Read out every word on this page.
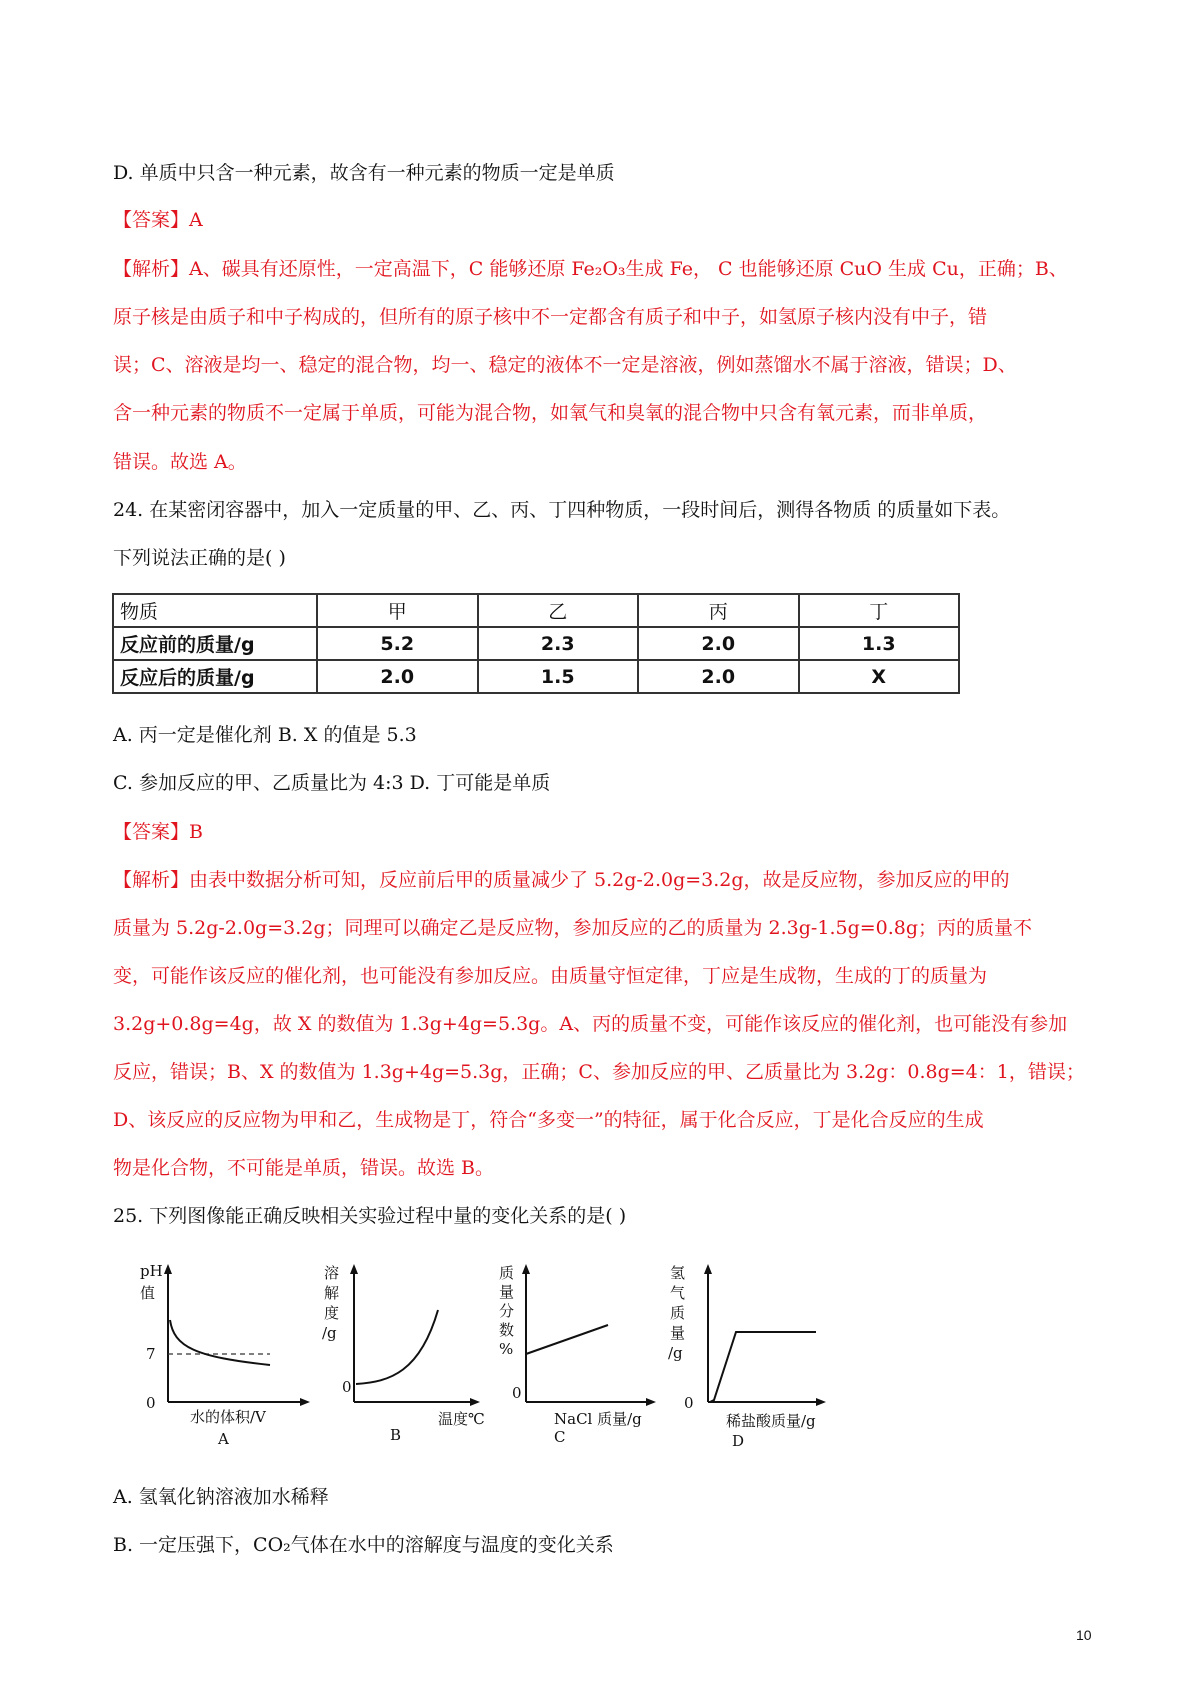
D. 单质中只含一种元素，故含有一种元素的物质一定是单质
【答案】A
【解析】A、碳具有还原性，一定高温下，C 能够还原 Fe₂O₃生成 Fe， C 也能够还原 CuO 生成 Cu，正确；B、
原子核是由质子和中子构成的，但所有的原子核中不一定都含有质子和中子，如氢原子核内没有中子，错
误；C、溶液是均一、稳定的混合物，均一、稳定的液体不一定是溶液，例如蒸馏水不属于溶液，错误；D、
含一种元素的物质不一定属于单质，可能为混合物，如氧气和臭氧的混合物中只含有氧元素，而非单质，
错误。故选 A。
24. 在某密闭容器中，加入一定质量的甲、乙、丙、丁四种物质，一段时间后，测得各物质 的质量如下表。
下列说法正确的是( )
物质	甲	乙	丙	丁
反应前的质量/g	5.2	2.3	2.0	1.3
反应后的质量/g	2.0	1.5	2.0	X
A. 丙一定是催化剂 B. X 的值是 5.3
C. 参加反应的甲、乙质量比为 4:3 D. 丁可能是单质
【答案】B
【解析】由表中数据分析可知，反应前后甲的质量减少了 5.2g-2.0g=3.2g，故是反应物，参加反应的甲的
质量为 5.2g-2.0g=3.2g；同理可以确定乙是反应物，参加反应的乙的质量为 2.3g-1.5g=0.8g；丙的质量不
变，可能作该反应的催化剂，也可能没有参加反应。由质量守恒定律，丁应是生成物，生成的丁的质量为
3.2g+0.8g=4g，故 X 的数值为 1.3g+4g=5.3g。A、丙的质量不变，可能作该反应的催化剂，也可能没有参加
反应，错误；B、X 的数值为 1.3g+4g=5.3g，正确；C、参加反应的甲、乙质量比为 3.2g：0.8g=4：1，错误；
D、该反应的反应物为甲和乙，生成物是丁，符合“多变一”的特征，属于化合反应，丁是化合反应的生成
物是化合物，不可能是单质，错误。故选 B。
25. 下列图像能正确反映相关实验过程中量的变化关系的是( )
pH
值
7
0
水的体积/V
A
溶
解
度
/g
0
温度℃
B
质
量
分
数
%
0
NaCl 质量/g
C
氢
气
质
量
/g
0
稀盐酸质量/g
D
A. 氢氧化钠溶液加水稀释
B. 一定压强下，CO₂气体在水中的溶解度与温度的变化关系
10
